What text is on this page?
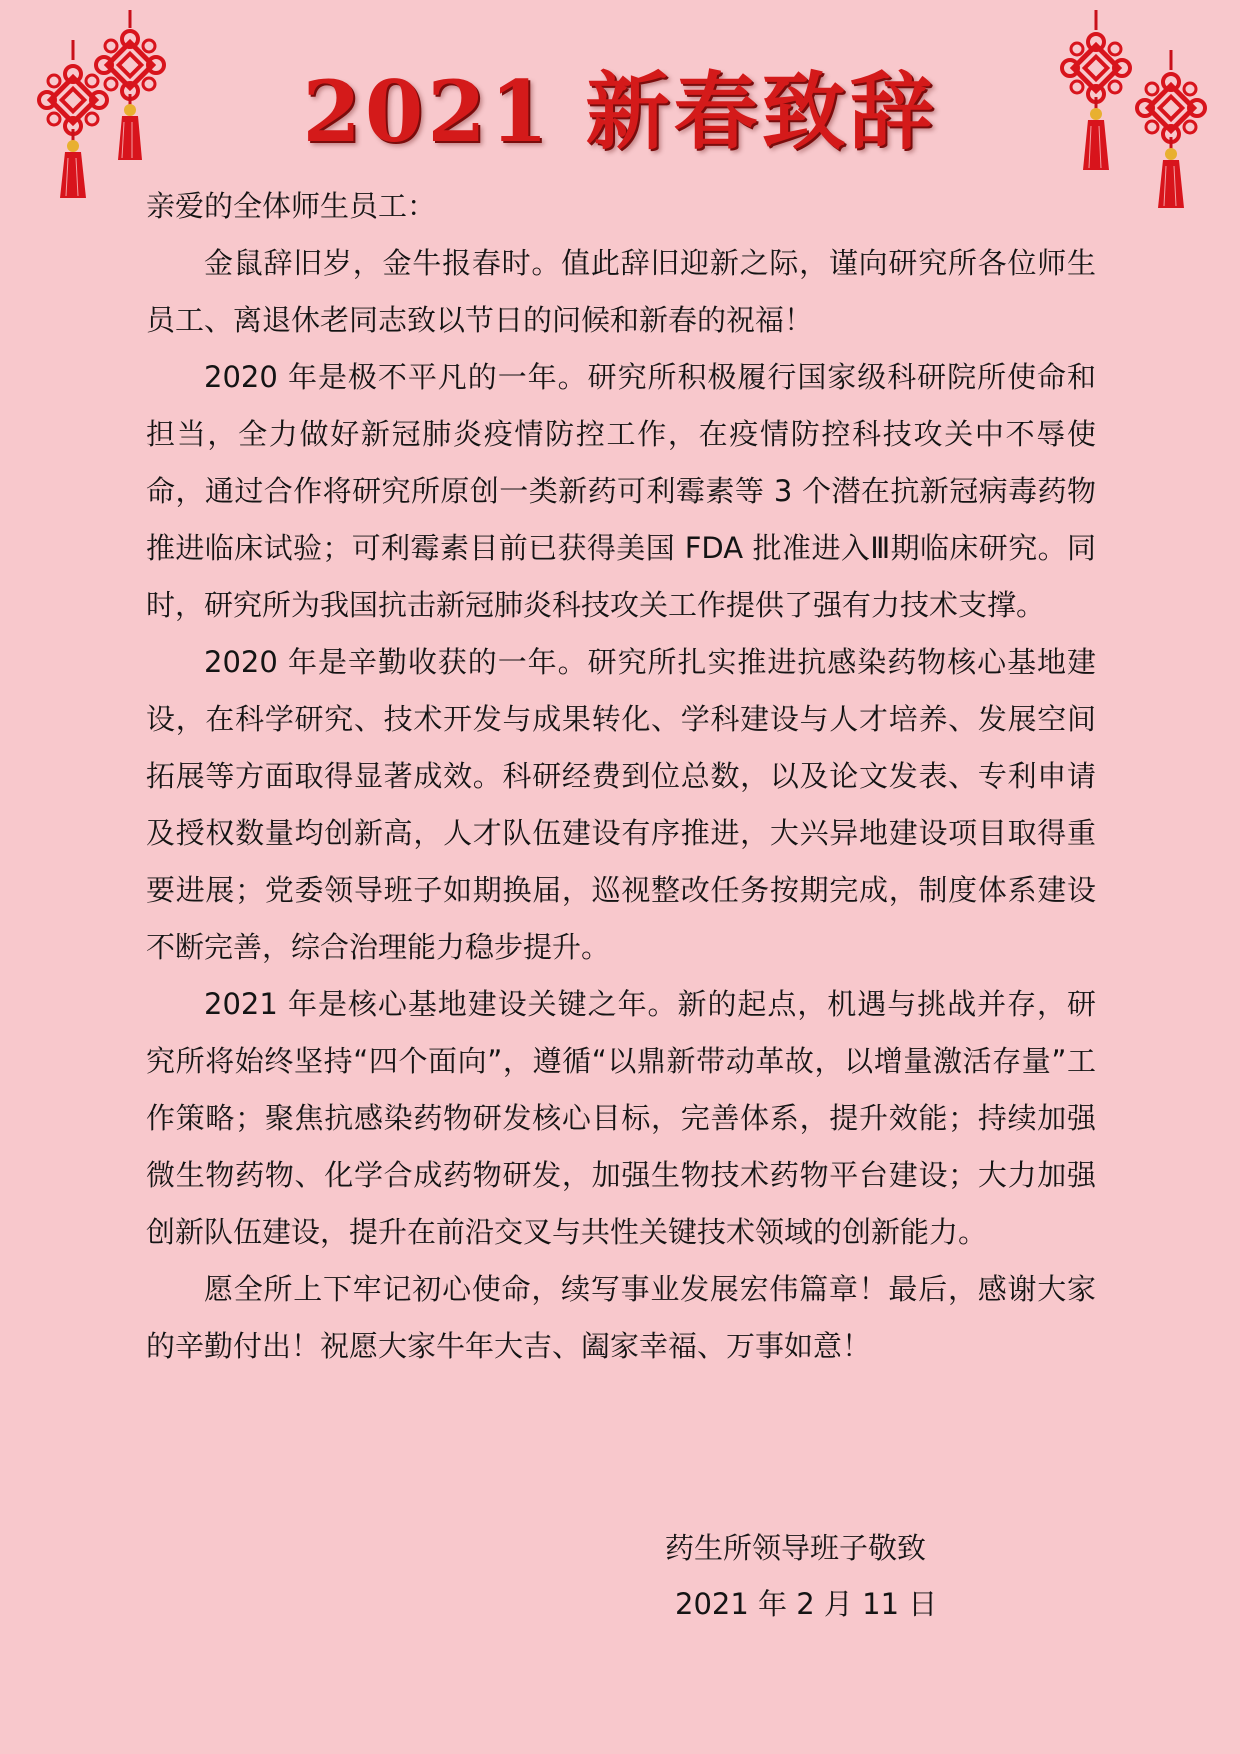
2021 新春致辞

亲爱的全体师生员工：

金鼠辞旧岁，金牛报春时。值此辞旧迎新之际，谨向研究所各位师生员工、离退休老同志致以节日的问候和新春的祝福！

2020 年是极不平凡的一年。研究所积极履行国家级科研院所使命和担当，全力做好新冠肺炎疫情防控工作，在疫情防控科技攻关中不辱使命，通过合作将研究所原创一类新药可利霉素等 3 个潜在抗新冠病毒药物推进临床试验；可利霉素目前已获得美国 FDA 批准进入Ⅲ期临床研究。同时，研究所为我国抗击新冠肺炎科技攻关工作提供了强有力技术支撑。

2020 年是辛勤收获的一年。研究所扎实推进抗感染药物核心基地建设，在科学研究、技术开发与成果转化、学科建设与人才培养、发展空间拓展等方面取得显著成效。科研经费到位总数，以及论文发表、专利申请及授权数量均创新高，人才队伍建设有序推进，大兴异地建设项目取得重要进展；党委领导班子如期换届，巡视整改任务按期完成，制度体系建设不断完善，综合治理能力稳步提升。

2021 年是核心基地建设关键之年。新的起点，机遇与挑战并存，研究所将始终坚持“四个面向”，遵循“以鼎新带动革故，以增量激活存量”工作策略；聚焦抗感染药物研发核心目标，完善体系，提升效能；持续加强微生物药物、化学合成药物研发，加强生物技术药物平台建设；大力加强创新队伍建设，提升在前沿交叉与共性关键技术领域的创新能力。

愿全所上下牢记初心使命，续写事业发展宏伟篇章！最后，感谢大家的辛勤付出！祝愿大家牛年大吉、阖家幸福、万事如意！

药生所领导班子敬致
2021 年 2 月 11 日
